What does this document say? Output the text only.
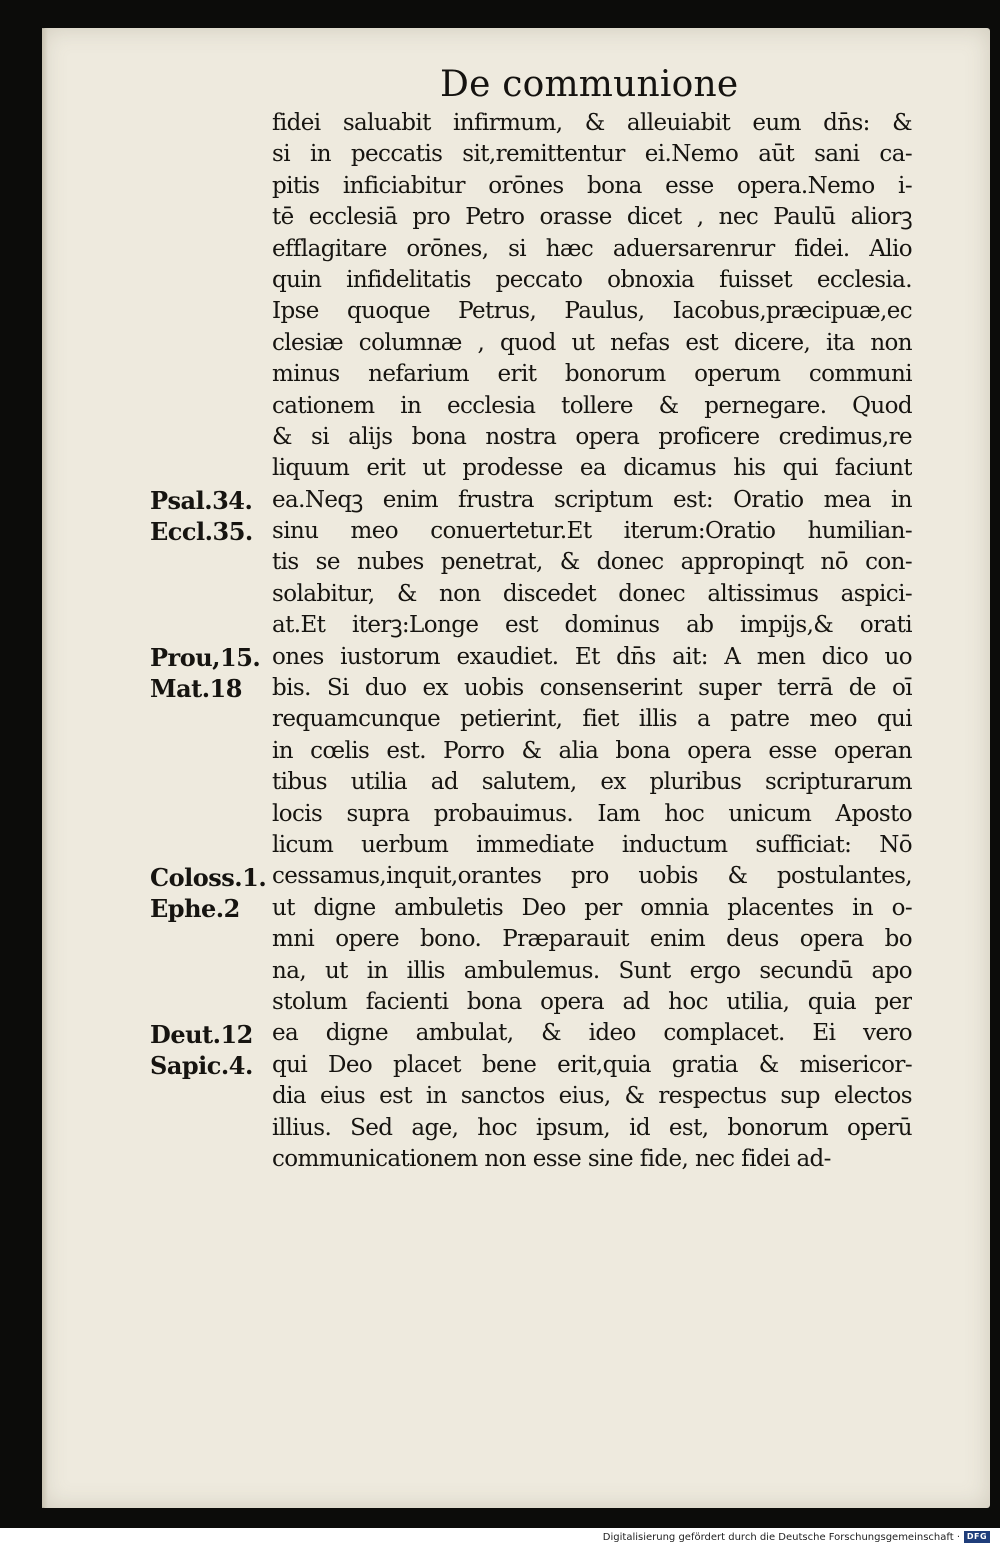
De communione
fidei saluabit infirmum, & alleuiabit eum dn̄s: &
si in peccatis sit,remittentur ei.Nemo aūt sani ca-
pitis inficiabitur orōnes bona esse opera.Nemo i-
tē ecclesiā pro Petro orasse dicet , nec Paulū aliorꝫ
efflagitare orōnes, si hæc aduersarenrur fidei. Alio
quin infidelitatis peccato obnoxia fuisset ecclesia.
Ipse quoque Petrus, Paulus, Iacobus,præcipuæ,ec
clesiæ columnæ , quod ut nefas est dicere, ita non
minus nefarium erit bonorum operum communi
cationem in ecclesia tollere & pernegare. Quod
& si alijs bona nostra opera proficere credimus,re
liquum erit ut prodesse ea dicamus his qui faciunt
ea.Neqꝫ enim frustra scriptum est: Oratio mea in
sinu meo conuertetur.Et iterum:Oratio humilian-
tis se nubes penetrat, & donec appropinqt nō con-
solabitur, & non discedet donec altissimus aspici-
at.Et iterꝫ:Longe est dominus ab impijs,& orati
ones iustorum exaudiet. Et dn̄s ait: A men dico uo
bis. Si duo ex uobis consenserint super terrā de oī
requamcunque petierint, fiet illis a patre meo qui
in cœlis est. Porro & alia bona opera esse operan
tibus utilia ad salutem, ex pluribus scripturarum
locis supra probauimus. Iam hoc unicum Aposto
licum uerbum immediate inductum sufficiat: Nō
cessamus,inquit,orantes pro uobis & postulantes,
ut digne ambuletis Deo per omnia placentes in o-
mni opere bono. Præparauit enim deus opera bo
na, ut in illis ambulemus. Sunt ergo secundū apo
stolum facienti bona opera ad hoc utilia, quia per
ea digne ambulat, & ideo complacet. Ei vero
qui Deo placet bene erit,quia gratia & misericor-
dia eius est in sanctos eius, & respectus sup electos
illius. Sed age, hoc ipsum, id est, bonorum operū
communicationem non esse sine fide, nec fidei ad-
Psal.34.
Eccl.35.
Prou,15.
Mat.18
Coloss.1.
Ephe.2
Deut.12
Sapic.4.
Digitalisierung gefördert durch die Deutsche Forschungsgemeinschaft · DFG
